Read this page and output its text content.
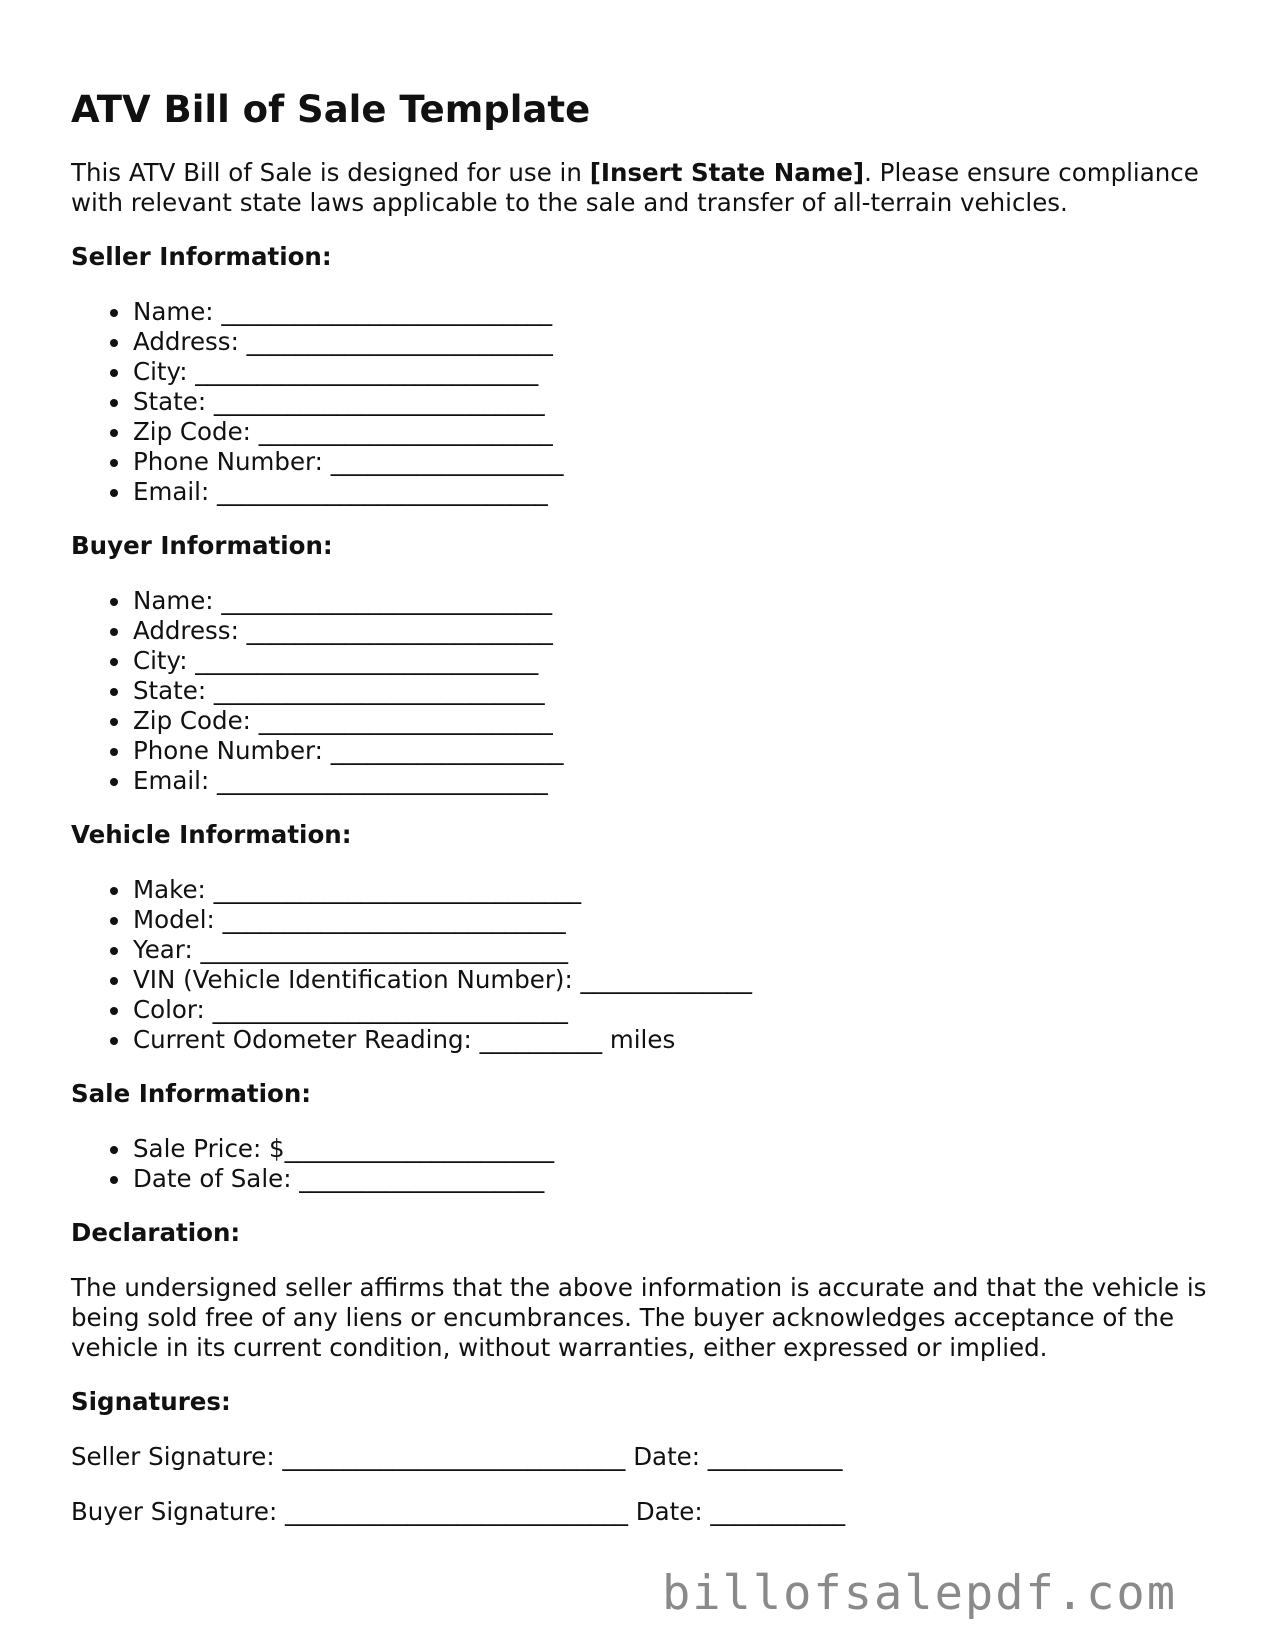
ATV Bill of Sale Template

This ATV Bill of Sale is designed for use in [Insert State Name]. Please ensure compliance with relevant state laws applicable to the sale and transfer of all-terrain vehicles.

Seller Information:
Name: ___________________________
Address: _________________________
City: ____________________________
State: ___________________________
Zip Code: ________________________
Phone Number: ___________________
Email: ___________________________
Buyer Information:
Name: ___________________________
Address: _________________________
City: ____________________________
State: ___________________________
Zip Code: ________________________
Phone Number: ___________________
Email: ___________________________
Vehicle Information:
Make: ______________________________
Model: ____________________________
Year: ______________________________
VIN (Vehicle Identification Number): ______________
Color: _____________________________
Current Odometer Reading: __________ miles
Sale Information:
Sale Price: $______________________
Date of Sale: ____________________
Declaration:

The undersigned seller affirms that the above information is accurate and that the vehicle is being sold free of any liens or encumbrances. The buyer acknowledges acceptance of the vehicle in its current condition, without warranties, either expressed or implied.

Signatures:
Seller Signature: ____________________________ Date: ___________
Buyer Signature: ____________________________ Date: ___________
billofsalepdf.com
